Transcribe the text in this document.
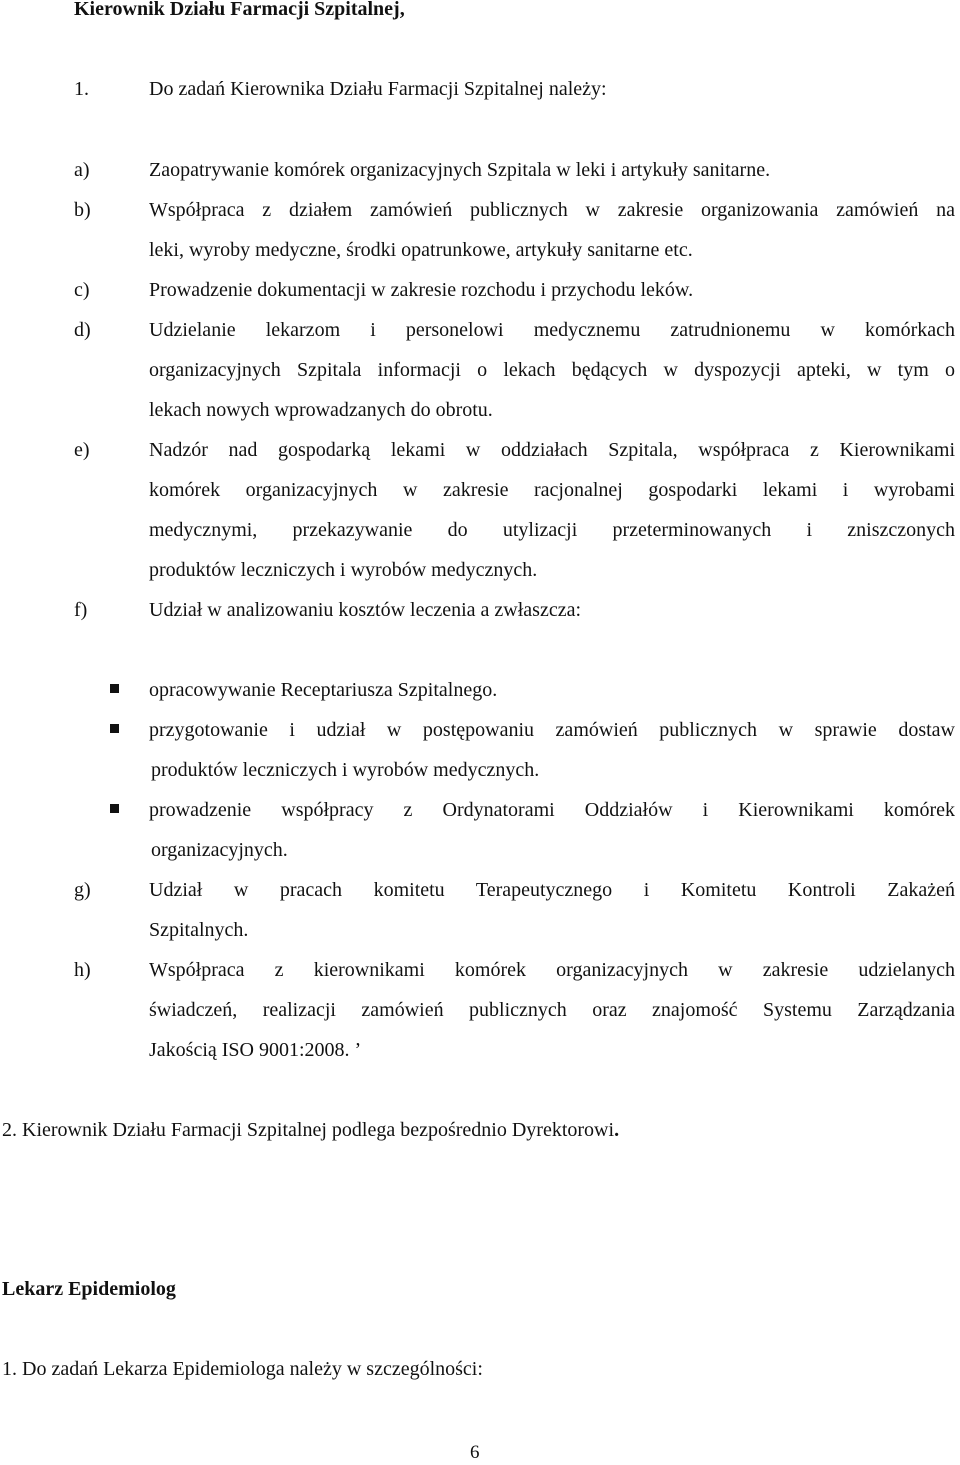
Kierownik Działu Farmacji Szpitalnej,
1.	Do zadań Kierownika Działu Farmacji Szpitalnej należy:
a)	Zaopatrywanie komórek organizacyjnych Szpitala w leki i artykuły sanitarne.
b)	Współpraca z działem zamówień publicznych w zakresie organizowania zamówień na
leki, wyroby medyczne, środki opatrunkowe, artykuły sanitarne etc.
c)	Prowadzenie dokumentacji w zakresie rozchodu i przychodu leków.
d)	Udzielanie lekarzom i personelowi medycznemu zatrudnionemu w komórkach
organizacyjnych Szpitala informacji o lekach będących w dyspozycji apteki, w tym o
lekach nowych wprowadzanych do obrotu.
e)	Nadzór nad gospodarką lekami w oddziałach Szpitala, współpraca z Kierownikami
komórek organizacyjnych w zakresie racjonalnej gospodarki lekami i wyrobami
medycznymi, przekazywanie do utylizacji przeterminowanych i zniszczonych
produktów leczniczych i wyrobów medycznych.
f)	Udział w analizowaniu kosztów leczenia a zwłaszcza:
opracowywanie Receptariusza Szpitalnego.
przygotowanie i udział w postępowaniu zamówień publicznych w sprawie dostaw
produktów leczniczych i wyrobów medycznych.
prowadzenie współpracy z Ordynatorami Oddziałów i Kierownikami komórek
organizacyjnych.
g)	Udział w pracach komitetu Terapeutycznego i Komitetu Kontroli Zakażeń
Szpitalnych.
h)	Współpraca z kierownikami komórek organizacyjnych w zakresie udzielanych
świadczeń, realizacji zamówień publicznych oraz znajomość Systemu Zarządzania
Jakością ISO 9001:2008. ’
2. Kierownik Działu Farmacji Szpitalnej podlega bezpośrednio Dyrektorowi.
Lekarz Epidemiolog
1. Do zadań Lekarza Epidemiologa należy w szczególności:
6
